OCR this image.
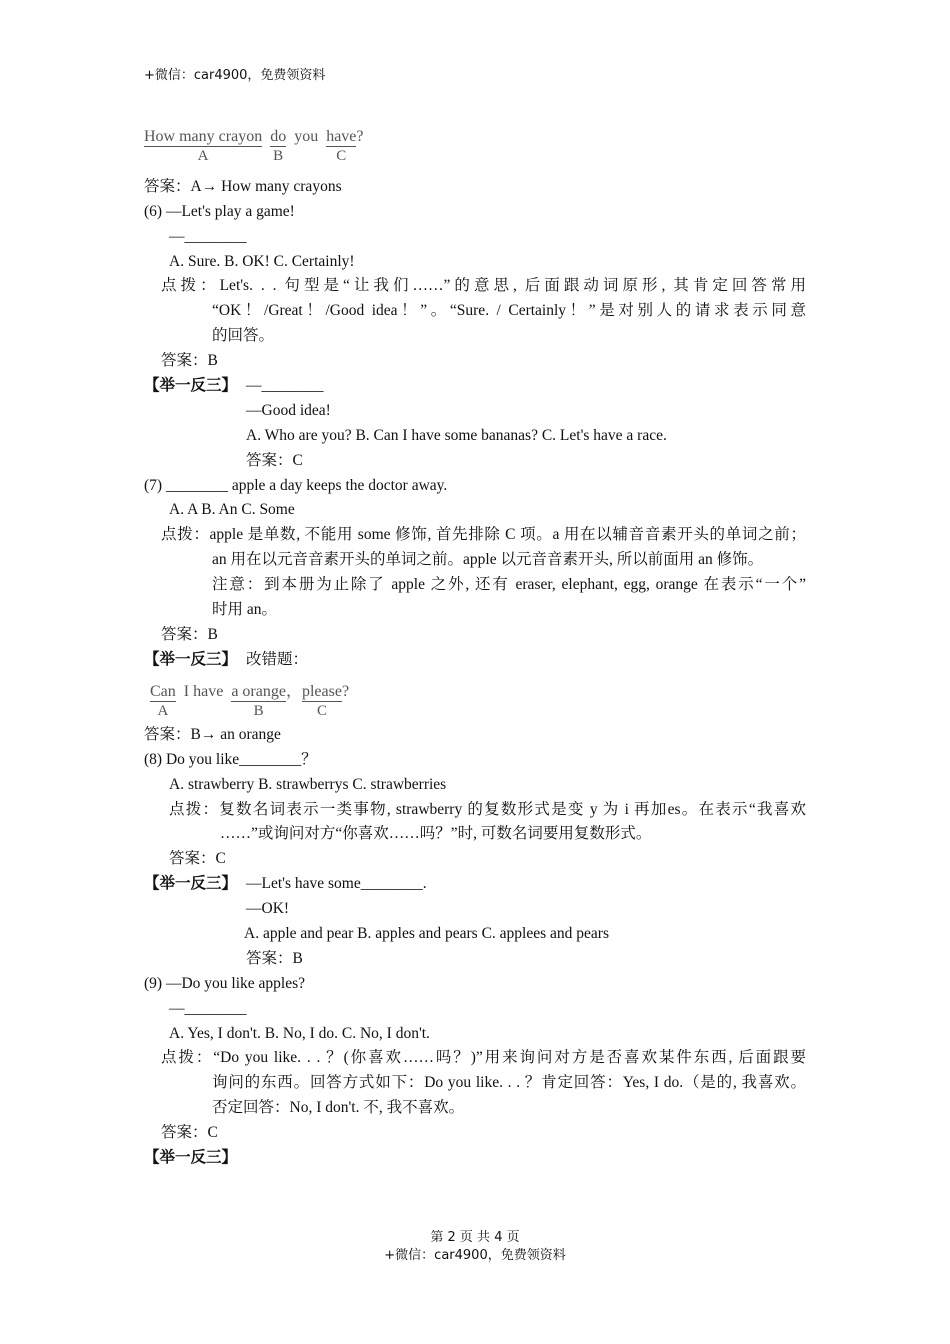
+微信：car4900，免费领资料
How many crayon
A
do
B
you have
C
?
答案：A→ How many crayons
(6) —Let's play a game!
—________
A. Sure. B. OK! C. Certainly!
点拨：Let's. . . 句型是“让我们……”的意思, 后面跟动词原形, 其肯定回答常用
“OK！/Great！/Good idea！”。“Sure. / Certainly！”是对别人的请求表示同意
的回答。
答案：B
【举一反三】 —________
—Good idea!
A. Who are you? B. Can I have some bananas? C. Let's have a race.
答案：C
(7) ________ apple a day keeps the doctor away.
A. A B. An C. Some
点拨：apple 是单数, 不能用 some 修饰, 首先排除 C 项。a 用在以辅音音素开头的单词之前；
an 用在以元音音素开头的单词之前。apple 以元音音素开头, 所以前面用 an 修饰。
注意：到本册为止除了 apple 之外, 还有 eraser, elephant, egg, orange 在表示“一个”
时用 an。
答案：B
【举一反三】 改错题：
Can
A
I have a orange
B
，
please
C
?
答案：B→ an orange
(8) Do you like________？
A. strawberry B. strawberrys C. strawberries
点拨：复数名词表示一类事物, strawberry 的复数形式是变 y 为 i 再加es。在表示“我喜欢
……”或询问对方“你喜欢……吗？”时, 可数名词要用复数形式。
答案：C
【举一反三】 —Let's have some________.
—OK!
A. apple and pear B. apples and pears C. applees and pears
答案：B
(9) —Do you like apples?
—________
A. Yes, I don't. B. No, I do. C. No, I don't.
点拨：“Do you like. . . ？(你喜欢……吗？)”用来询问对方是否喜欢某件东西, 后面跟要
询问的东西。回答方式如下：Do you like. . . ？肯定回答：Yes, I do.（是的, 我喜欢。
否定回答：No, I don't. 不, 我不喜欢。
答案：C
【举一反三】
第 2 页 共 4 页
+微信：car4900，免费领资料
